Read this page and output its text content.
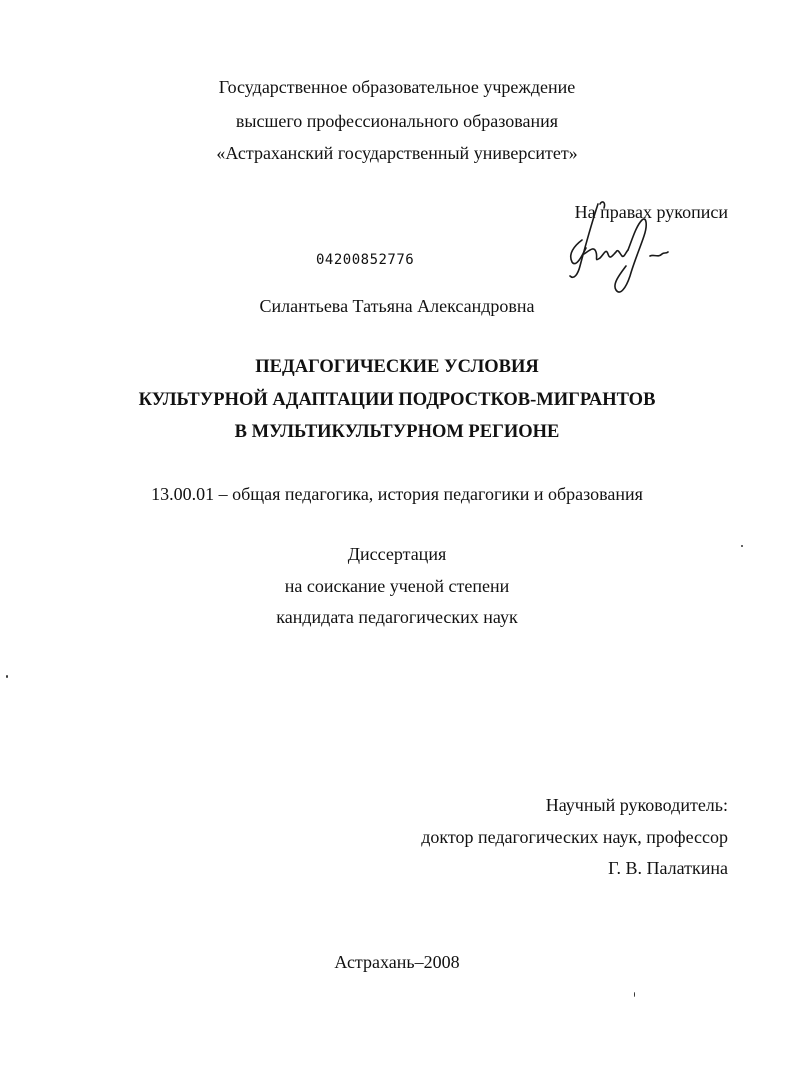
Государственное образовательное учреждение
высшего профессионального образования
«Астраханский государственный университет»
На правах рукописи
04200852776
Силантьева Татьяна Александровна
ПЕДАГОГИЧЕСКИЕ УСЛОВИЯ
КУЛЬТУРНОЙ АДАПТАЦИИ ПОДРОСТКОВ-МИГРАНТОВ
В МУЛЬТИКУЛЬТУРНОМ РЕГИОНЕ
13.00.01 – общая педагогика, история педагогики и образования
Диссертация
на соискание ученой степени
кандидата педагогических наук
Научный руководитель:
доктор педагогических наук, профессор
Г. В. Палаткина
Астрахань–2008
